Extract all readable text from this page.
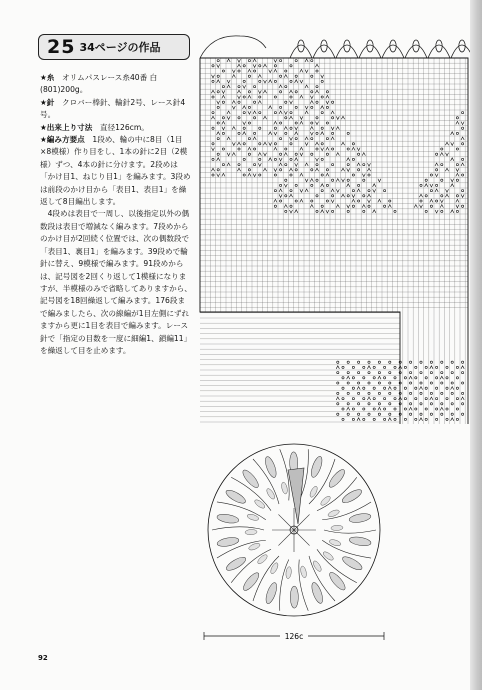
25 34ページの作品

★糸　 オリムパスレース糸40番 白(801)200g。

★針　 クロバー棒針、輪針2号、レース針4号。

★出来上り寸法　 直径126cm。

★編み方要点　 1段め、輪の中に8目（1目×8模様）作り目をし、1本の針に2目（2模様）ずつ、4本の針に分けます。2段めは「かけ目1、ねじり目1」を編みます。3段めは前段のかけ目から「表目1、表目1」を繰返して8目編出します。

　4段めは表目で一周し、以後指定以外の偶数段は表目で増減なく編みます。7段めからのかけ目が2回続く位置では、次の偶数段で「表目1、裏目1」を編みます。39段めで輪針に替え、9模様で編みます。91段めからは、記号図を2回くり返して1模様になりますが、半模様のみで省略してありますから、記号図を18回繰返して編みます。176段まで編みましたら、次の線編が1目左側にずれますから更に1目を表目で編みます。レース針で「指定の目数を一度に細編1、鎖編11」を繰返して目を止めます。

126c
92
